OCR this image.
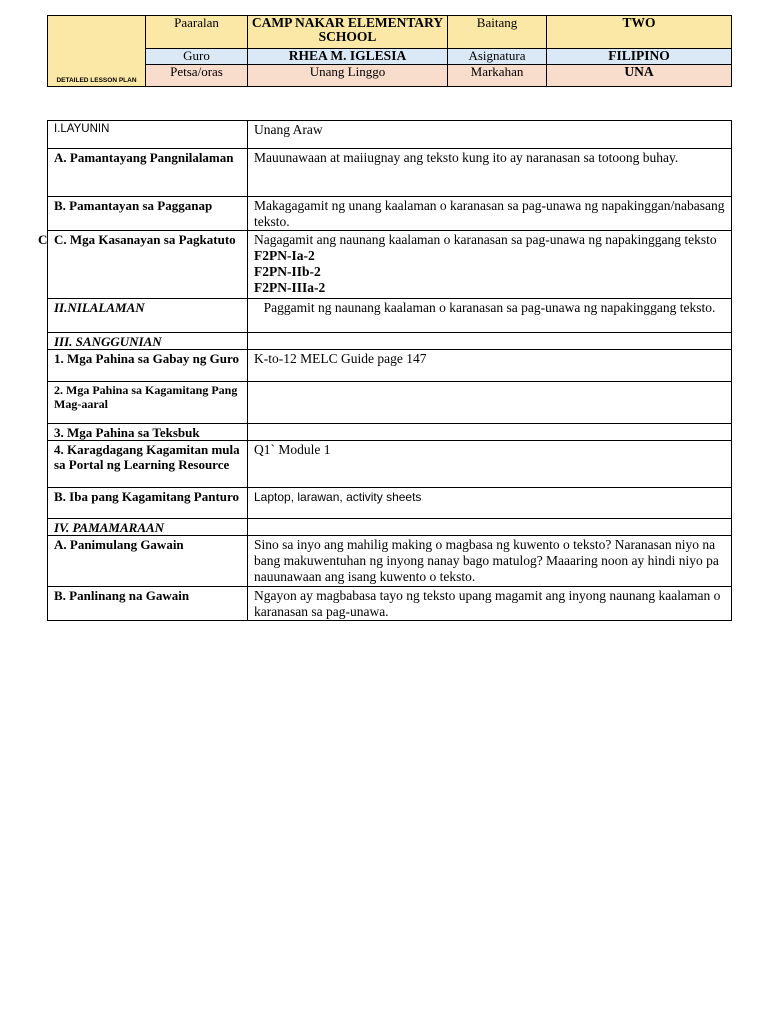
DETAILED LESSON PLAN	Paaralan	CAMP NAKAR ELEMENTARY SCHOOL	Baitang	TWO
	Guro	RHEA M. IGLESIA	Asignatura	FILIPINO
	Petsa/oras	Unang Linggo	Markahan	UNA
I.LAYUNIN	Unang Araw
A. Pamantayang Pangnilalaman	Mauunawaan at maiiugnay ang teksto kung ito ay naranasan sa totoong buhay.
B. Pamantayan sa Pagganap	Makagagamit ng unang kaalaman o karanasan sa pag-unawa ng napakinggan/nabasang teksto.

C C. Mga Kasanayan sa Pagkatuto	Nagagamit ang naunang kaalaman o karanasan sa pag-unawa ng napakinggang teksto F2PN-Ia-2
F2PN-IIb-2
F2PN-IIIa-2

II.NILALAMAN	Paggamit ng naunang kaalaman o karanasan sa pag-unawa ng napakinggang teksto.
III. SANGGUNIAN	
1. Mga Pahina sa Gabay ng Guro	K-to-12 MELC Guide page 147
2. Mga Pahina sa Kagamitang Pang Mag-aaral	
3. Mga Pahina sa Teksbuk	
4. Karagdagang Kagamitan mula sa Portal ng Learning Resource	Q1` Module 1
B. Iba pang Kagamitang Panturo	Laptop, larawan, activity sheets
IV. PAMAMARAAN	
A. Panimulang Gawain	Sino sa inyo ang mahilig making o magbasa ng kuwento o teksto? Naranasan niyo na bang makuwentuhan ng inyong nanay bago matulog? Maaaring noon ay hindi niyo pa nauunawaan ang isang kuwento o teksto.
B. Panlinang na Gawain	Ngayon ay magbabasa tayo ng teksto upang magamit ang inyong naunang kaalaman o karanasan sa pag-unawa.
